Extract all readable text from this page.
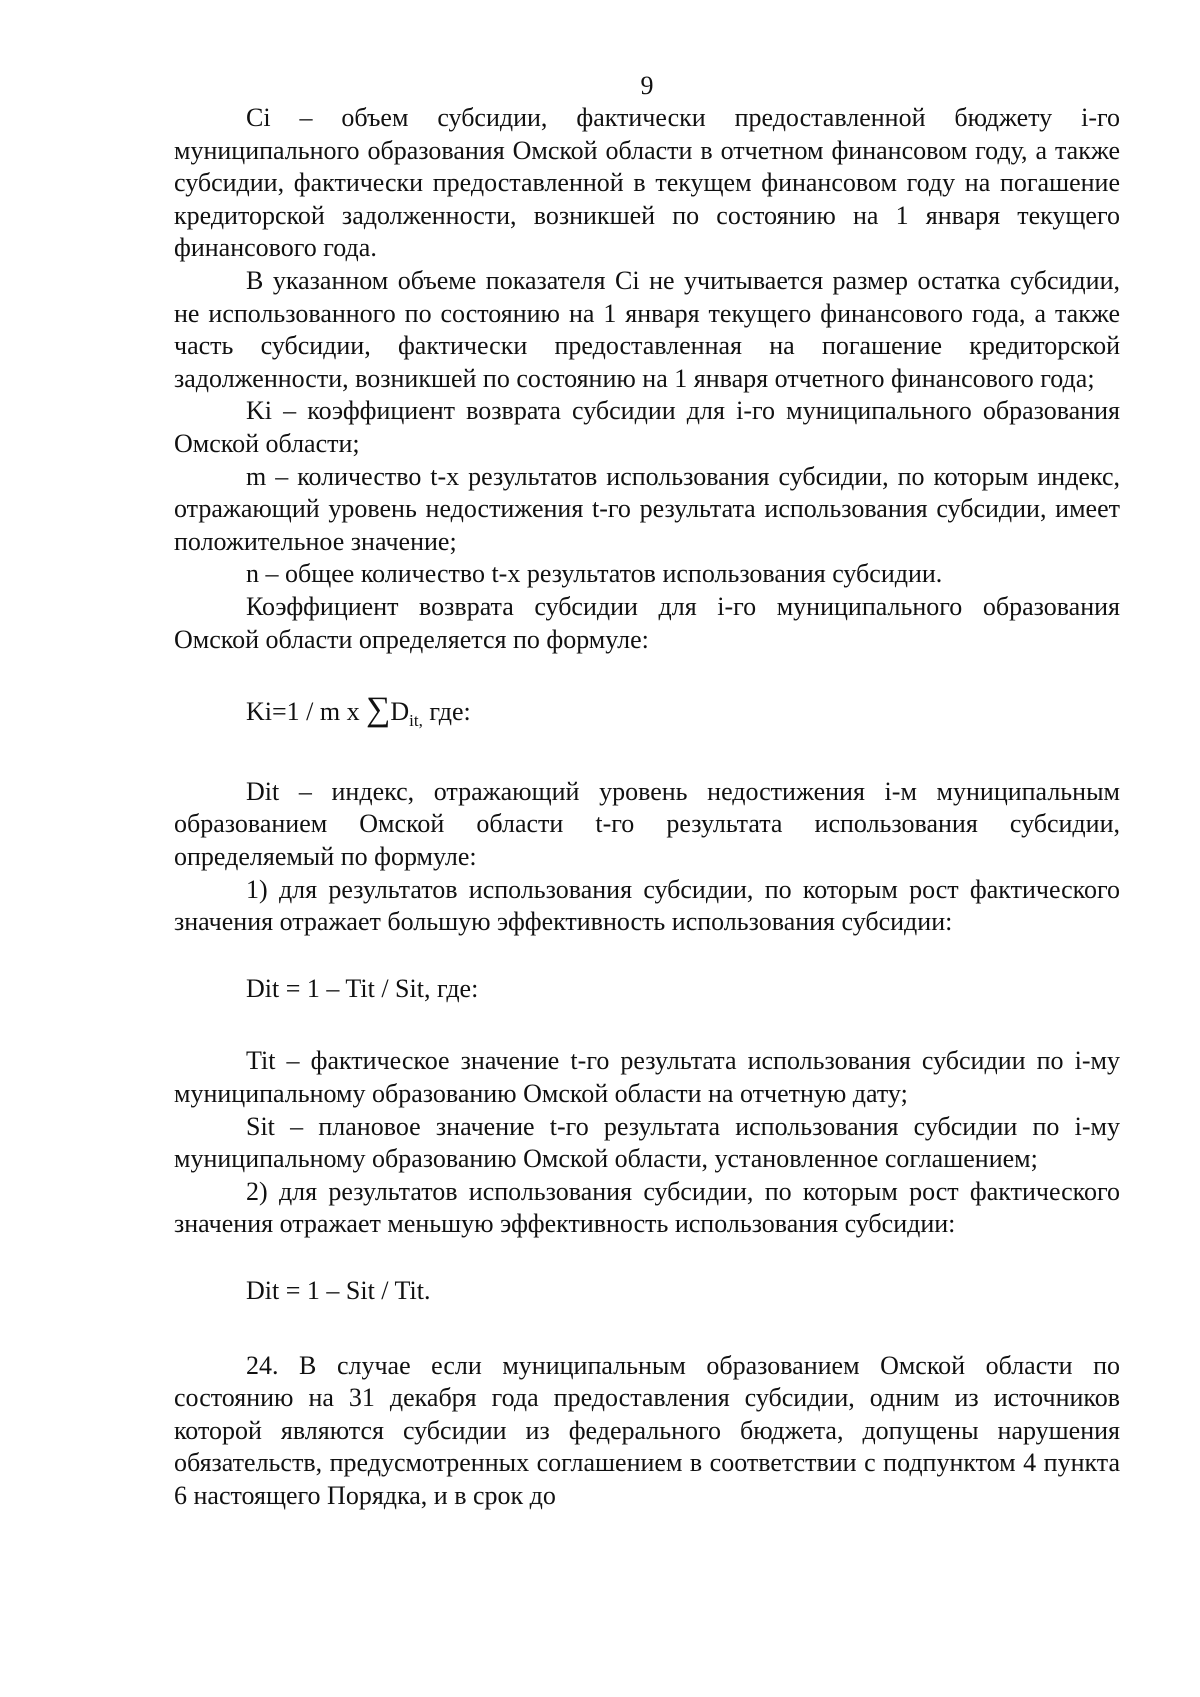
9

Ci – объем субсидии, фактически предоставленной бюджету i-го муниципального образования Омской области в отчетном финансовом году, а также субсидии, фактически предоставленной в текущем финансовом году на погашение кредиторской задолженности, возникшей по состоянию на 1 января текущего финансового года.

В указанном объеме показателя Ci не учитывается размер остатка субсидии, не использованного по состоянию на 1 января текущего финансового года, а также часть субсидии, фактически предоставленная на погашение кредиторской задолженности, возникшей по состоянию на 1 января отчетного финансового года;

Ki – коэффициент возврата субсидии для i-го муниципального образования Омской области;

m – количество t-х результатов использования субсидии, по которым индекс, отражающий уровень недостижения t-го результата использования субсидии, имеет положительное значение;

n – общее количество t-х результатов использования субсидии.

Коэффициент возврата субсидии для i-го муниципального образования Омской области определяется по формуле:

Ki=1 / m x $\sum D_{it,}$ где:

Dit – индекс, отражающий уровень недостижения i-м муниципальным образованием Омской области t-го результата использования субсидии, определяемый по формуле:

1) для результатов использования субсидии, по которым рост фактического значения отражает большую эффективность использования субсидии:

Dit = 1 – Tit / Sit, где:

Tit – фактическое значение t-го результата использования субсидии по i-му муниципальному образованию Омской области на отчетную дату;

Sit – плановое значение t-го результата использования субсидии по i-му муниципальному образованию Омской области, установленное соглашением;

2) для результатов использования субсидии, по которым рост фактического значения отражает меньшую эффективность использования субсидии:

Dit = 1 – Sit / Tit.

24. В случае если муниципальным образованием Омской области по состоянию на 31 декабря года предоставления субсидии, одним из источников которой являются субсидии из федерального бюджета, допущены нарушения обязательств, предусмотренных соглашением в соответствии с подпунктом 4 пункта 6 настоящего Порядка, и в срок до
